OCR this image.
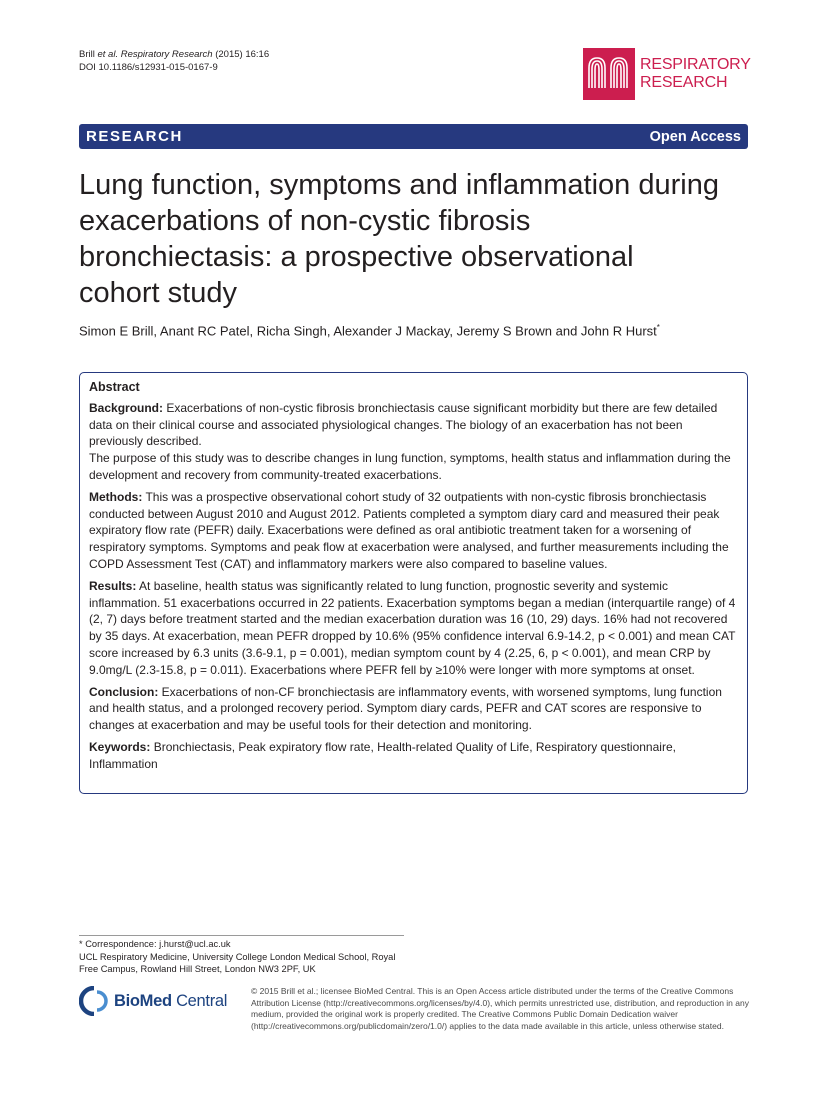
Brill et al. Respiratory Research (2015) 16:16
DOI 10.1186/s12931-015-0167-9	RESPIRATORY
RESEARCH
RESEARCH	Open Access
Lung function, symptoms and inflammation during exacerbations of non-cystic fibrosis bronchiectasis: a prospective observational cohort study
Simon E Brill, Anant RC Patel, Richa Singh, Alexander J Mackay, Jeremy S Brown and John R Hurst*
Abstract

Background: Exacerbations of non-cystic fibrosis bronchiectasis cause significant morbidity but there are few detailed data on their clinical course and associated physiological changes. The biology of an exacerbation has not been previously described.
The purpose of this study was to describe changes in lung function, symptoms, health status and inflammation during the development and recovery from community-treated exacerbations.

Methods: This was a prospective observational cohort study of 32 outpatients with non-cystic fibrosis bronchiectasis conducted between August 2010 and August 2012. Patients completed a symptom diary card and measured their peak expiratory flow rate (PEFR) daily. Exacerbations were defined as oral antibiotic treatment taken for a worsening of respiratory symptoms. Symptoms and peak flow at exacerbation were analysed, and further measurements including the COPD Assessment Test (CAT) and inflammatory markers were also compared to baseline values.

Results: At baseline, health status was significantly related to lung function, prognostic severity and systemic inflammation. 51 exacerbations occurred in 22 patients. Exacerbation symptoms began a median (interquartile range) of 4 (2, 7) days before treatment started and the median exacerbation duration was 16 (10, 29) days. 16% had not recovered by 35 days. At exacerbation, mean PEFR dropped by 10.6% (95% confidence interval 6.9-14.2, p < 0.001) and mean CAT score increased by 6.3 units (3.6-9.1, p = 0.001), median symptom count by 4 (2.25, 6, p < 0.001), and mean CRP by 9.0mg/L (2.3-15.8, p = 0.011). Exacerbations where PEFR fell by ≥10% were longer with more symptoms at onset.

Conclusion: Exacerbations of non-CF bronchiectasis are inflammatory events, with worsened symptoms, lung function and health status, and a prolonged recovery period. Symptom diary cards, PEFR and CAT scores are responsive to changes at exacerbation and may be useful tools for their detection and monitoring.

Keywords: Bronchiectasis, Peak expiratory flow rate, Health-related Quality of Life, Respiratory questionnaire, Inflammation

* Correspondence: j.hurst@ucl.ac.uk
UCL Respiratory Medicine, University College London Medical School, Royal Free Campus, Rowland Hill Street, London NW3 2PF, UK
BioMed Central
© 2015 Brill et al.; licensee BioMed Central. This is an Open Access article distributed under the terms of the Creative Commons Attribution License (http://creativecommons.org/licenses/by/4.0), which permits unrestricted use, distribution, and reproduction in any medium, provided the original work is properly credited. The Creative Commons Public Domain Dedication waiver (http://creativecommons.org/publicdomain/zero/1.0/) applies to the data made available in this article, unless otherwise stated.
